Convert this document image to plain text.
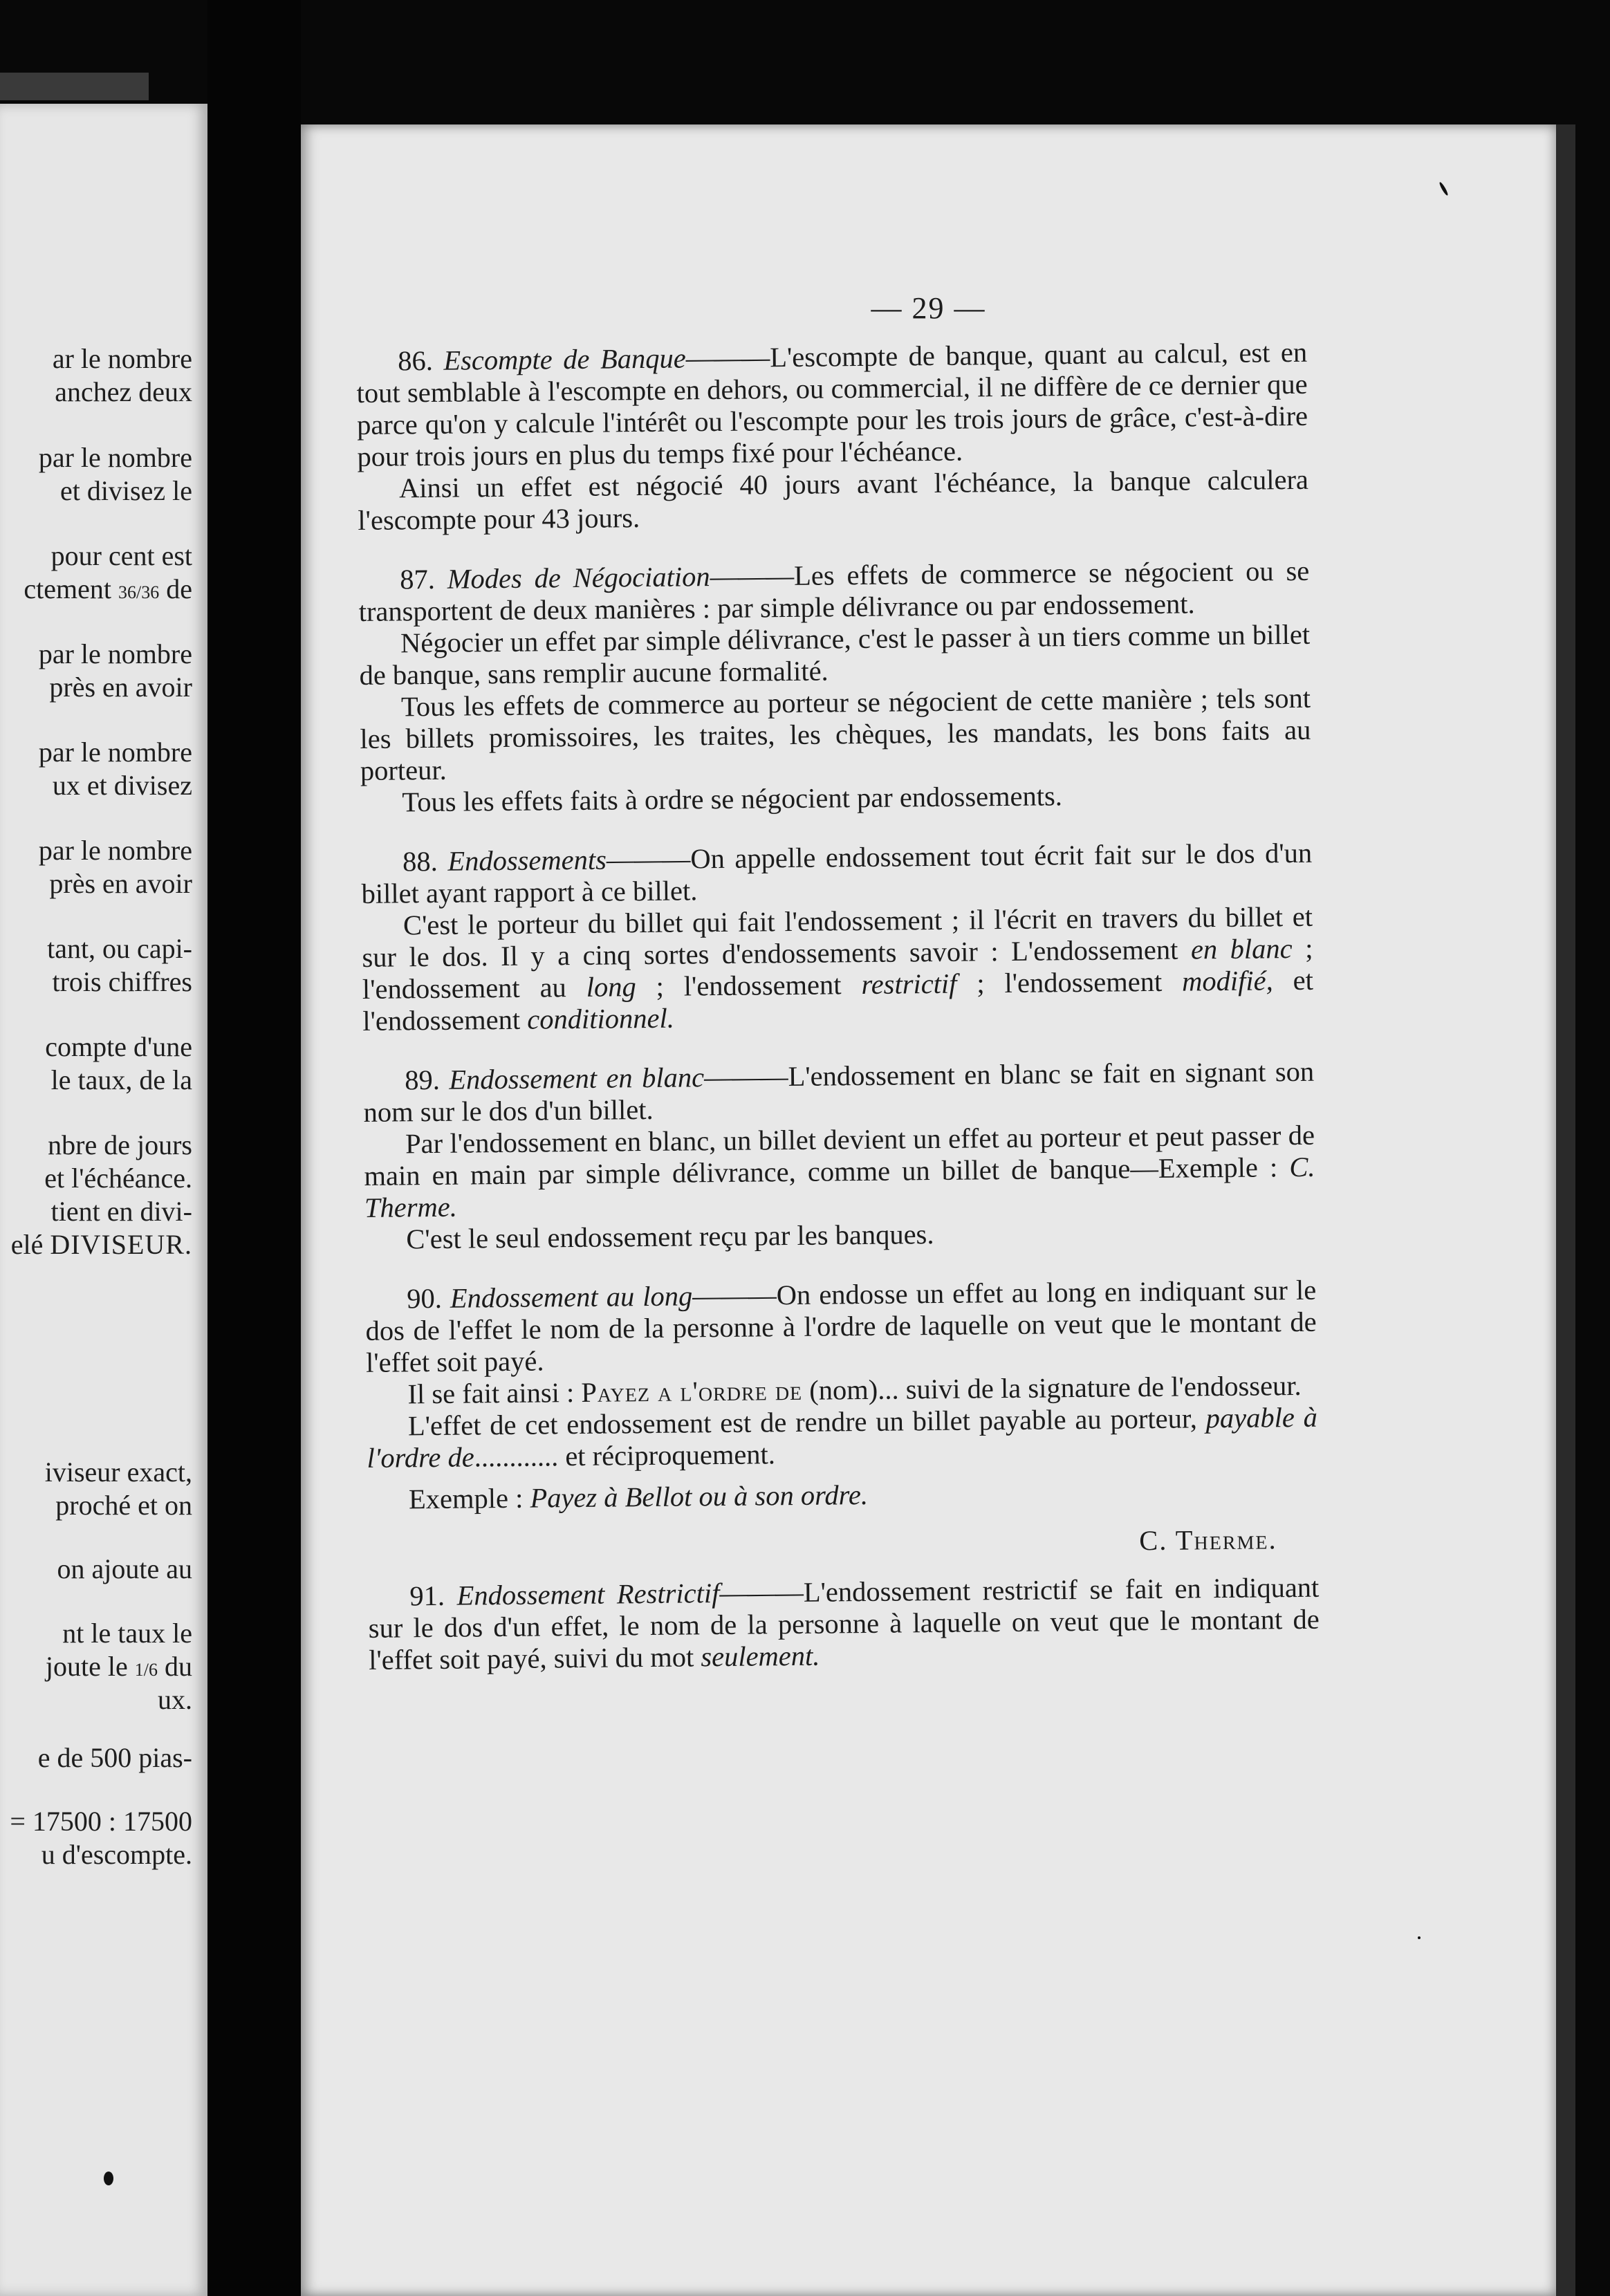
ar le nombre
anchez deux
par le nombre
et divisez le
pour cent est
ctement 36/36 de
par le nombre
près en avoir
par le nombre
ux et divisez
par le nombre
près en avoir
tant, ou capi-
trois chiffres
compte d'une
le taux, de la
nbre de jours
et l'échéance.
tient en divi-
elé DIVISEUR.
iviseur exact,
proché et on
on ajoute au
nt le taux le
joute le 1/6 du
ux.
e de 500 pias-
= 17500 : 17500
u d'escompte.
— 29 —

86. Escompte de Banque———L'escompte de banque, quant au calcul, est en tout semblable à l'escompte en dehors, ou commercial, il ne diffère de ce dernier que parce qu'on y calcule l'intérêt ou l'escompte pour les trois jours de grâce, c'est-à-dire pour trois jours en plus du temps fixé pour l'échéance.

Ainsi un effet est négocié 40 jours avant l'échéance, la banque calculera l'escompte pour 43 jours.

87. Modes de Négociation———Les effets de commerce se négocient ou se transportent de deux manières : par simple délivrance ou par endossement.

Négocier un effet par simple délivrance, c'est le passer à un tiers comme un billet de banque, sans remplir aucune formalité.

Tous les effets de commerce au porteur se négocient de cette manière ; tels sont les billets promissoires, les traites, les chèques, les mandats, les bons faits au porteur.

Tous les effets faits à ordre se négocient par endossements.

88. Endossements———On appelle endossement tout écrit fait sur le dos d'un billet ayant rapport à ce billet.

C'est le porteur du billet qui fait l'endossement ; il l'écrit en travers du billet et sur le dos. Il y a cinq sortes d'endossements savoir : L'endossement en blanc ; l'endossement au long ; l'endossement restrictif ; l'endossement modifié, et l'endossement conditionnel.

89. Endossement en blanc———L'endossement en blanc se fait en signant son nom sur le dos d'un billet.

Par l'endossement en blanc, un billet devient un effet au porteur et peut passer de main en main par simple délivrance, comme un billet de banque—Exemple : C. Therme.

C'est le seul endossement reçu par les banques.

90. Endossement au long———On endosse un effet au long en indiquant sur le dos de l'effet le nom de la personne à l'ordre de laquelle on veut que le montant de l'effet soit payé.

Il se fait ainsi : Payez a l'ordre de (nom)... suivi de la signature de l'endosseur.

L'effet de cet endossement est de rendre un billet payable au porteur, payable à l'ordre de............ et réciproquement.

Exemple : Payez à Bellot ou à son ordre.

C. Therme.

91. Endossement Restrictif———L'endossement restrictif se fait en indiquant sur le dos d'un effet, le nom de la personne à laquelle on veut que le montant de l'effet soit payé, suivi du mot seulement.
